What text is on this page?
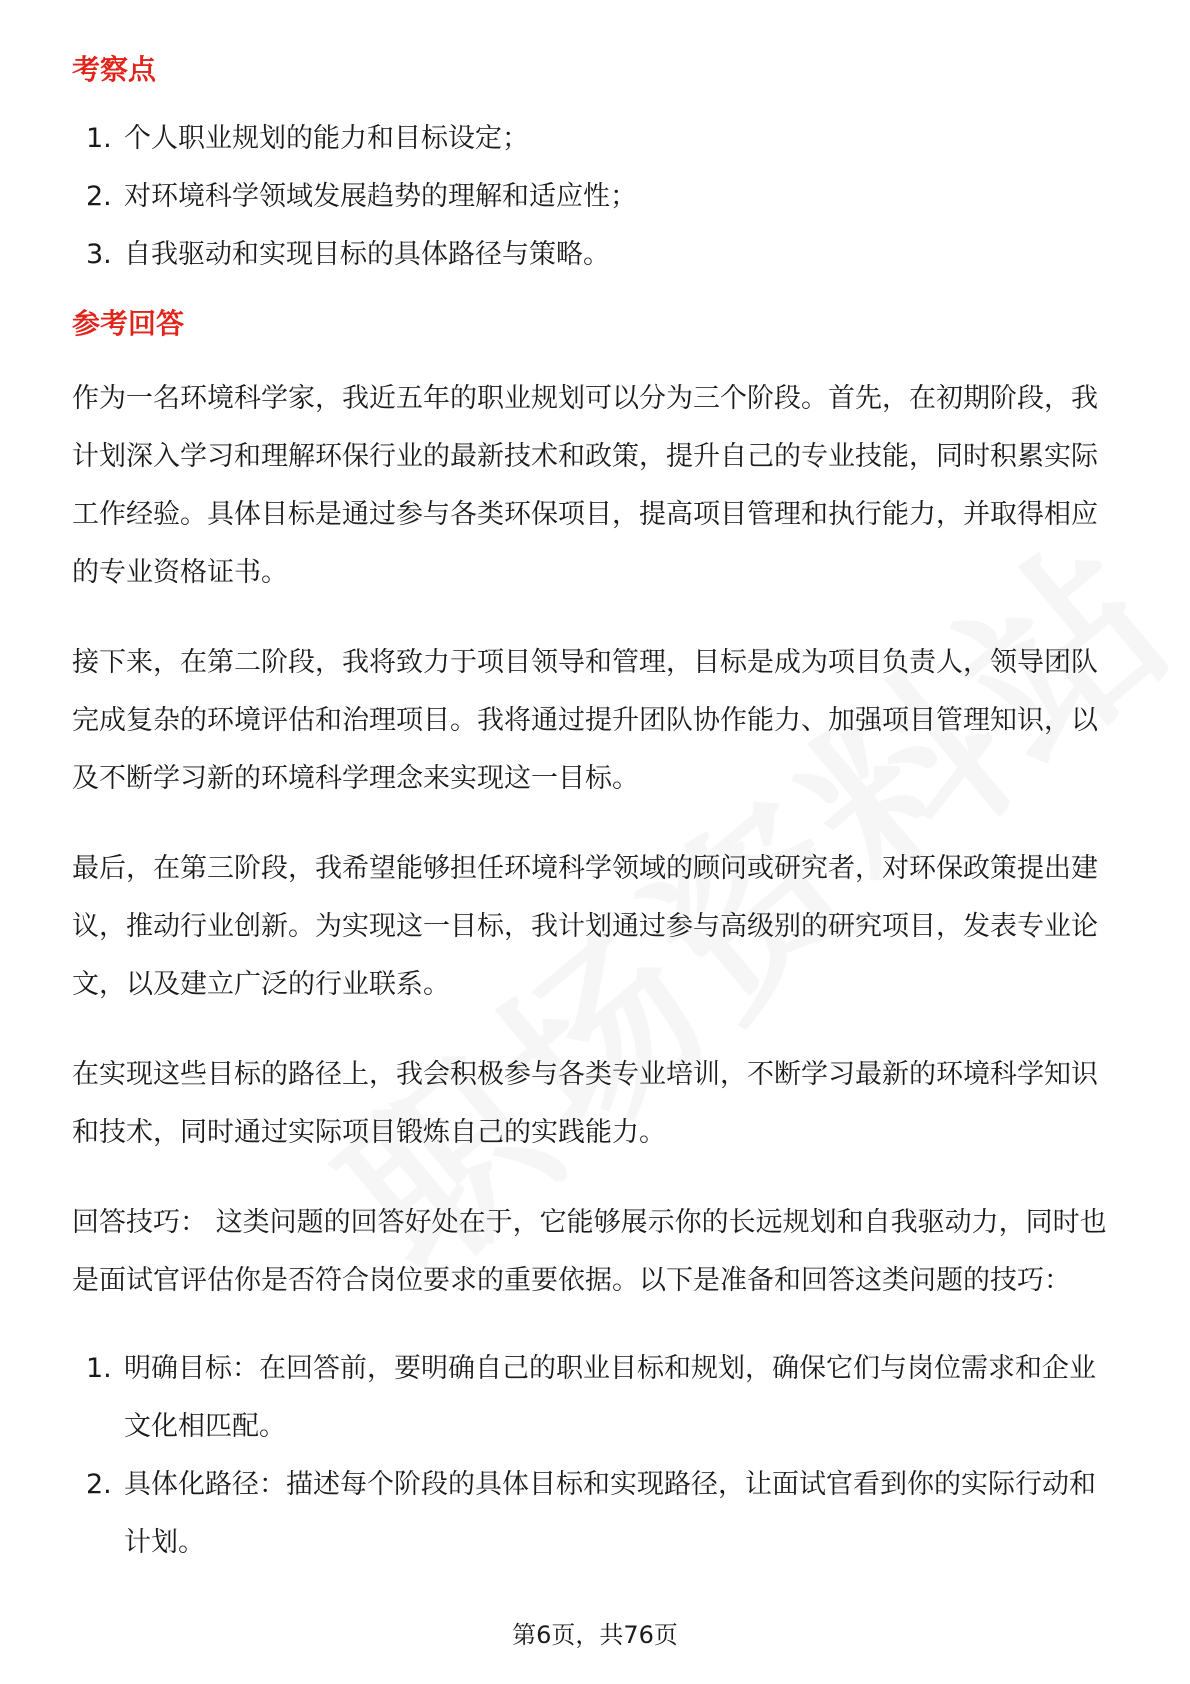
考察点
1. 个人职业规划的能力和目标设定；
2. 对环境科学领域发展趋势的理解和适应性；
3. 自我驱动和实现目标的具体路径与策略。
参考回答

作为一名环境科学家，我近五年的职业规划可以分为三个阶段。首先，在初期阶段，我计划深入学习和理解环保行业的最新技术和政策，提升自己的专业技能，同时积累实际工作经验。具体目标是通过参与各类环保项目，提高项目管理和执行能力，并取得相应的专业资格证书。

接下来，在第二阶段，我将致力于项目领导和管理，目标是成为项目负责人，领导团队完成复杂的环境评估和治理项目。我将通过提升团队协作能力、加强项目管理知识，以及不断学习新的环境科学理念来实现这一目标。

最后，在第三阶段，我希望能够担任环境科学领域的顾问或研究者，对环保政策提出建议，推动行业创新。为实现这一目标，我计划通过参与高级别的研究项目，发表专业论文，以及建立广泛的行业联系。

在实现这些目标的路径上，我会积极参与各类专业培训，不断学习最新的环境科学知识和技术，同时通过实际项目锻炼自己的实践能力。

回答技巧： 这类问题的回答好处在于，它能够展示你的长远规划和自我驱动力，同时也是面试官评估你是否符合岗位要求的重要依据。以下是准备和回答这类问题的技巧：

1. 明确目标：在回答前，要明确自己的职业目标和规划，确保它们与岗位需求和企业文化相匹配。
2. 具体化路径：描述每个阶段的具体目标和实现路径，让面试官看到你的实际行动和计划。
第6页，共76页
